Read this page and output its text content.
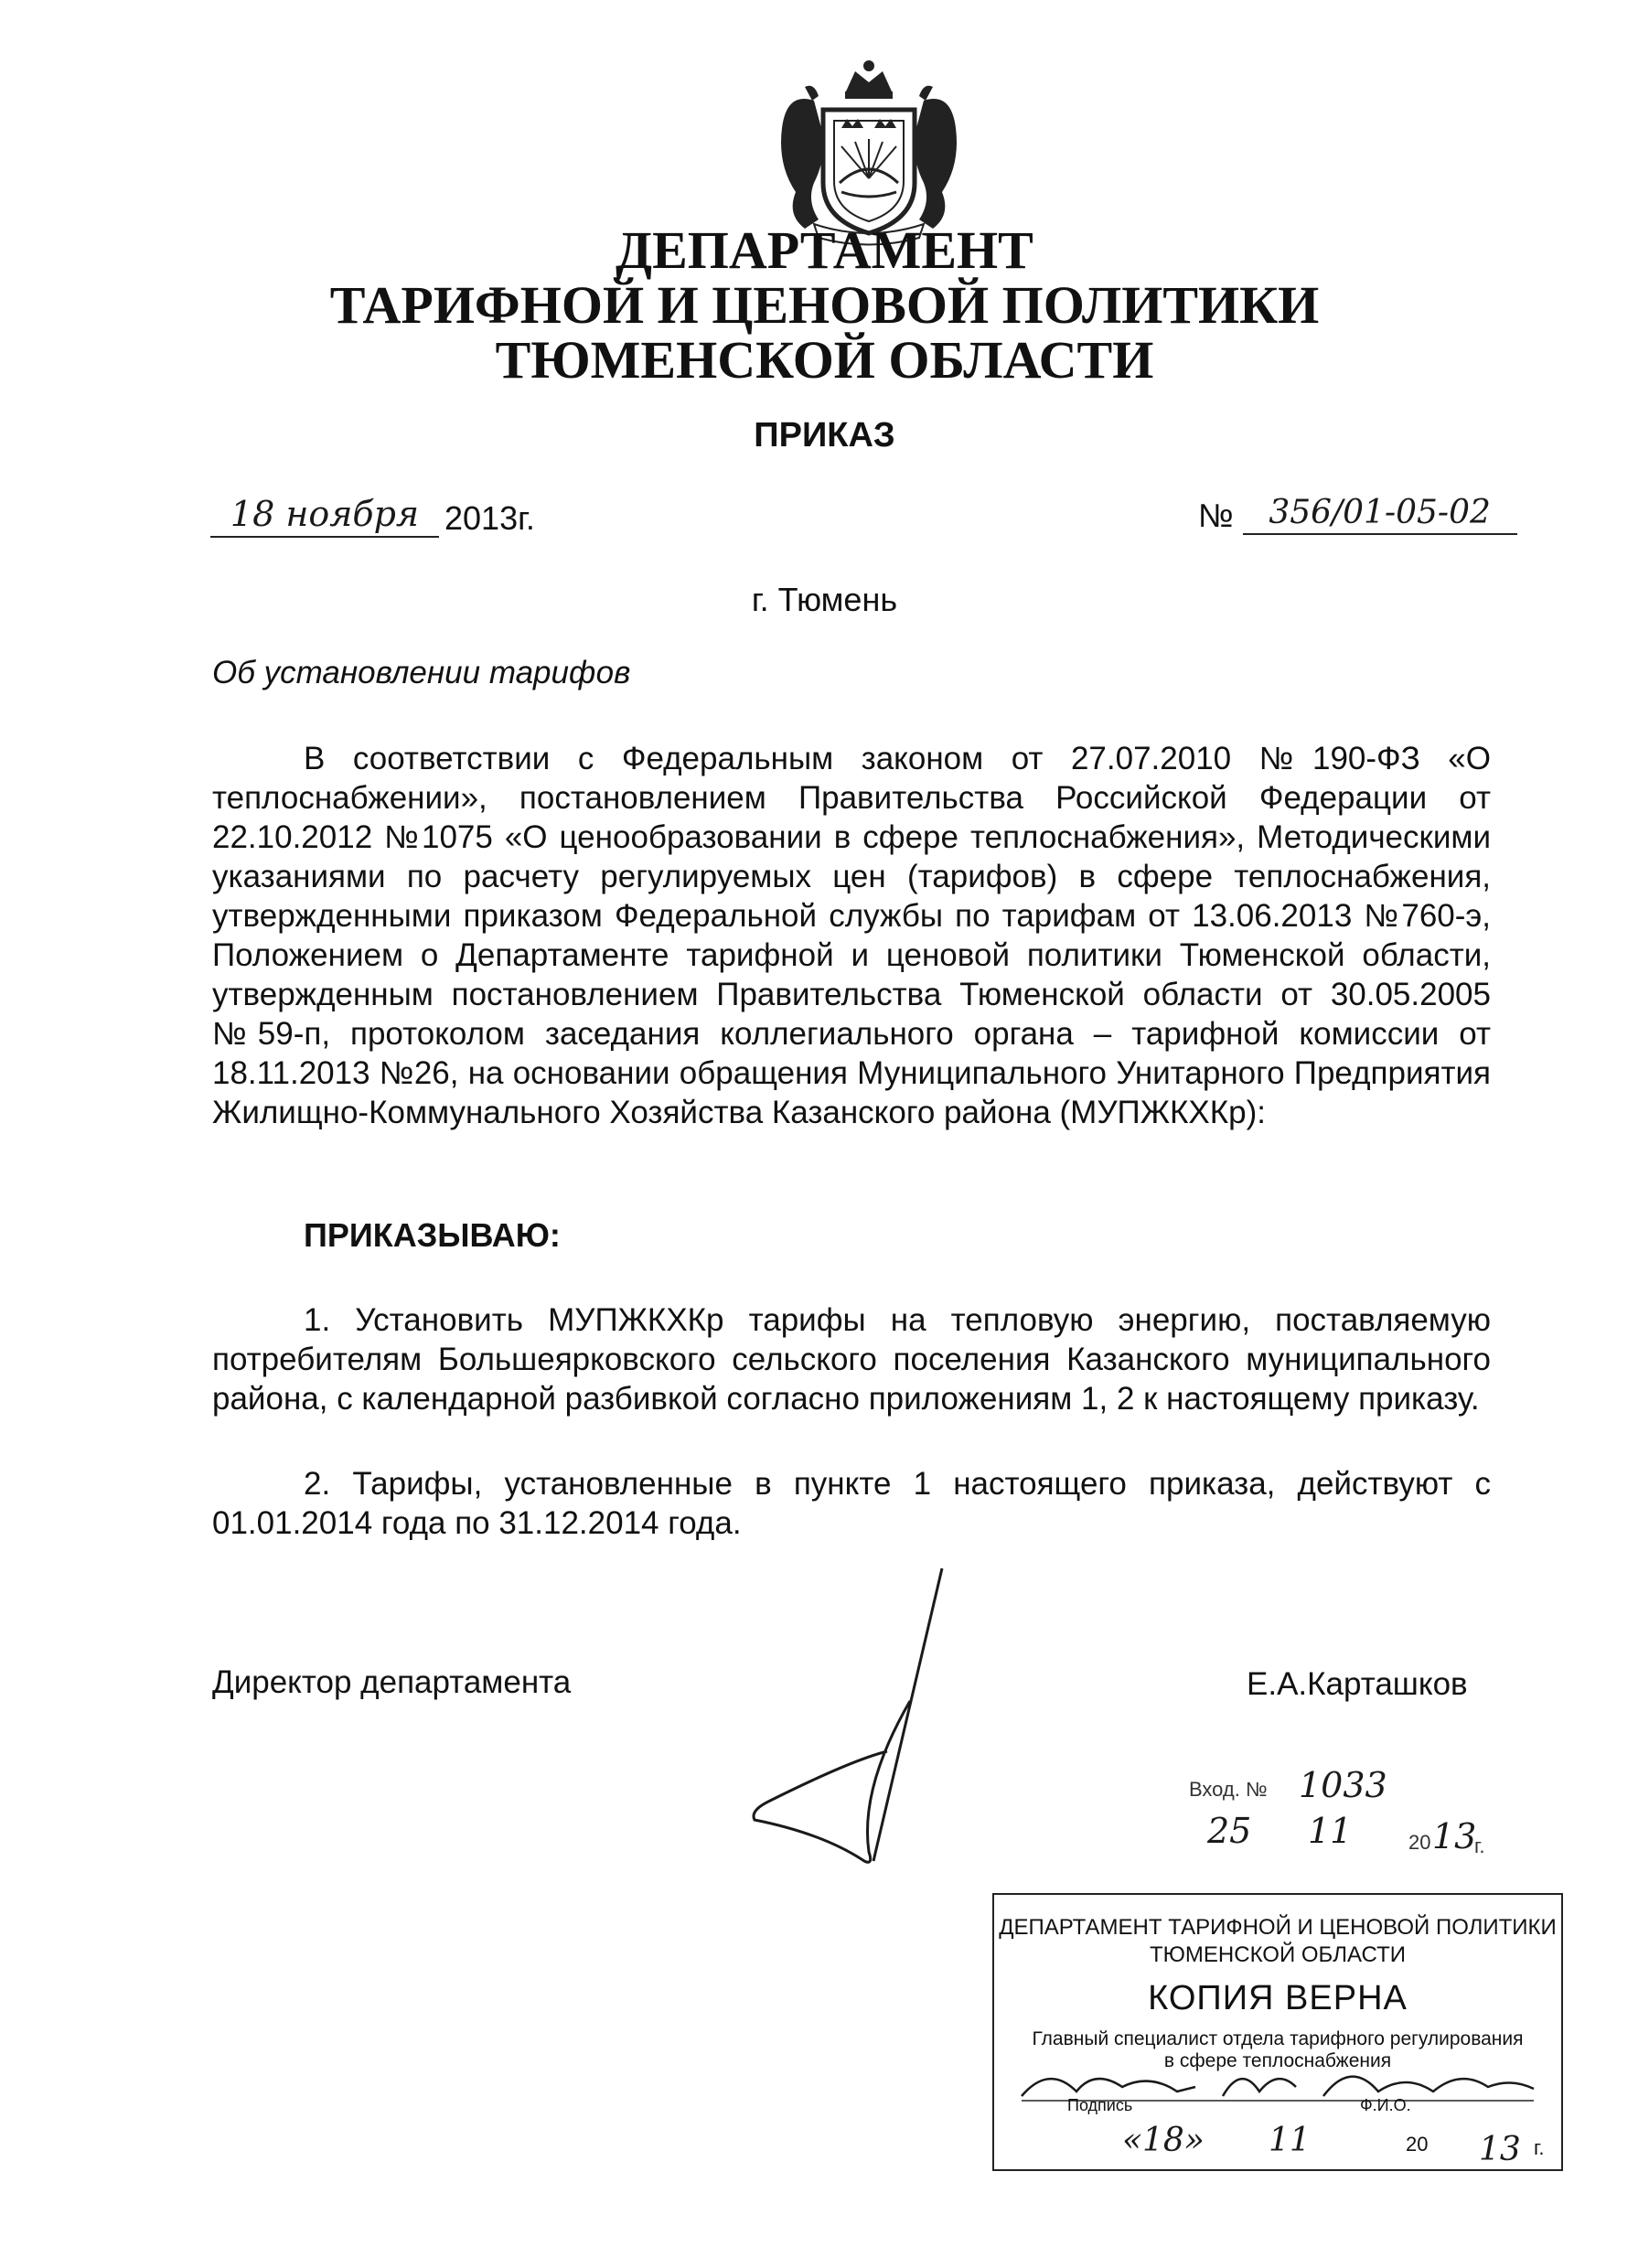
ДЕПАРТАМЕНТ
ТАРИФНОЙ И ЦЕНОВОЙ ПОЛИТИКИ
ТЮМЕНСКОЙ ОБЛАСТИ
ПРИКАЗ
18 ноября 2013г.	№	356/01-05-02
г. Тюмень
Об установлении тарифов

В соответствии с Федеральным законом от 27.07.2010 №190-ФЗ «О теплоснабжении», постановлением Правительства Российской Федерации от 22.10.2012 №1075 «О ценообразовании в сфере теплоснабжения», Методическими указаниями по расчету регулируемых цен (тарифов) в сфере теплоснабжения, утвержденными приказом Федеральной службы по тарифам от 13.06.2013 №760-э, Положением о Департаменте тарифной и ценовой политики Тюменской области, утвержденным постановлением Правительства Тюменской области от 30.05.2005 №59-п, протоколом заседания коллегиального органа – тарифной комиссии от 18.11.2013 №26, на основании обращения Муниципального Унитарного Предприятия Жилищно-Коммунального Хозяйства Казанского района (МУПЖКХКр):

ПРИКАЗЫВАЮ:

1. Установить МУПЖКХКр тарифы на тепловую энергию, поставляемую потребителям Большеярковского сельского поселения Казанского муниципального района, с календарной разбивкой согласно приложениям 1, 2 к настоящему приказу.

2. Тарифы, установленные в пункте 1 настоящего приказа, действуют с 01.01.2014 года по 31.12.2014 года.

Директор департамента	Е.А.Карташков
Вход. № 1033
25 11	20 13
г.
ДЕПАРТАМЕНТ ТАРИФНОЙ И ЦЕНОВОЙ ПОЛИТИКИ
ТЮМЕНСКОЙ ОБЛАСТИ
КОПИЯ ВЕРНА
Главный специалист отдела тарифного регулирования
в сфере теплоснабжения
Подпись	Ф.И.О.
«18» 11	20 13 г.
